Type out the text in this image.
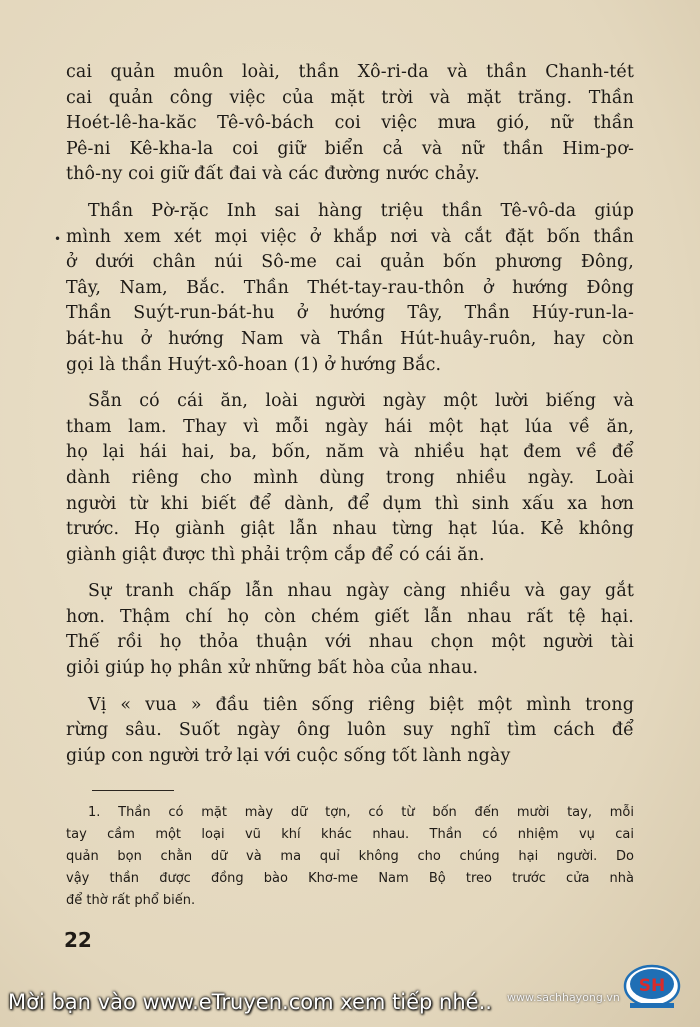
cai quản muôn loài, thần Xô-ri-da và thần Chanh-tét
cai quản công việc của mặt trời và mặt trăng. Thần
Hoét-lê-ha-kăc Tê-vô-bách coi việc mưa gió, nữ thần
Pê-ni Kê-kha-la coi giữ biển cả và nữ thần Him-pơ-
thô-ny coi giữ đất đai và các đường nước chảy.
Thần Pờ-rặc Inh sai hàng triệu thần Tê-vô-da giúp
mình xem xét mọi việc ở khắp nơi và cắt đặt bốn thần
ở dưới chân núi Sô-me cai quản bốn phương Đông,
Tây, Nam, Bắc. Thần Thét-tay-rau-thôn ở hướng Đông
Thần Suýt-run-bát-hu ở hướng Tây, Thần Húy-run-la-
bát-hu ở hướng Nam và Thần Hút-huây-ruôn, hay còn
gọi là thần Huýt-xô-hoan (1) ở hướng Bắc.
Sẵn có cái ăn, loài người ngày một lười biếng và
tham lam. Thay vì mỗi ngày hái một hạt lúa về ăn,
họ lại hái hai, ba, bốn, năm và nhiều hạt đem về để
dành riêng cho mình dùng trong nhiều ngày. Loài
người từ khi biết để dành, để dụm thì sinh xấu xa hơn
trước. Họ giành giật lẫn nhau từng hạt lúa. Kẻ không
giành giật được thì phải trộm cắp để có cái ăn.
Sự tranh chấp lẫn nhau ngày càng nhiều và gay gắt
hơn. Thậm chí họ còn chém giết lẫn nhau rất tệ hại.
Thế rồi họ thỏa thuận với nhau chọn một người tài
giỏi giúp họ phân xử những bất hòa của nhau.
Vị « vua » đầu tiên sống riêng biệt một mình trong
rừng sâu. Suốt ngày ông luôn suy nghĩ tìm cách để
giúp con người trở lại với cuộc sống tốt lành ngày
•
1. Thần có mặt mày dữ tợn, có từ bốn đến mười tay, mỗi
tay cầm một loại vũ khí khác nhau. Thần có nhiệm vụ cai
quản bọn chằn dữ và ma quỉ không cho chúng hại người. Do
vậy thần được đồng bào Khơ-me Nam Bộ treo trước cửa nhà
để thờ rất phổ biến.
22
Mời bạn vào www.eTruyen.com xem tiếp nhé.. www.sachhayong.vn
SH
